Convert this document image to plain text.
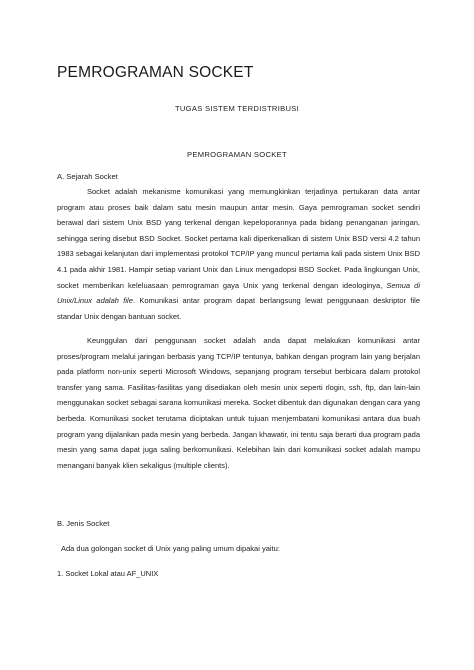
PEMROGRAMAN SOCKET
TUGAS SISTEM TERDISTRIBUSI
PEMROGRAMAN SOCKET
A. Sejarah Socket

Socket adalah mekanisme komunikasi yang memungkinkan terjadinya pertukaran data antar program atau proses baik dalam satu mesin maupun antar mesin. Gaya pemrograman socket sendiri berawal dari sistem Unix BSD yang terkenal dengan kepeloporannya pada bidang penanganan jaringan, sehingga sering disebut BSD Socket. Socket pertama kali diperkenalkan di sistem Unix BSD versi 4.2 tahun 1983 sebagai kelanjutan dari implementasi protokol TCP/IP yang muncul pertama kali pada sistem Unix BSD 4.1 pada akhir 1981. Hampir setiap variant Unix dan Linux mengadopsi BSD Socket. Pada lingkungan Unix, socket memberikan keleluasaan pemrograman gaya Unix yang terkenal dengan ideologinya, Semua di Unix/Linux adalah file. Komunikasi antar program dapat berlangsung lewat penggunaan deskriptor file standar Unix dengan bantuan socket.

Keunggulan dari penggunaan socket adalah anda dapat melakukan komunikasi antar proses/program melalui jaringan berbasis yang TCP/IP tentunya, bahkan dengan program lain yang berjalan pada platform non-unix seperti Microsoft Windows, sepanjang program tersebut berbicara dalam protokol transfer yang sama. Fasilitas-fasilitas yang disediakan oleh mesin unix seperti rlogin, ssh, ftp, dan lain-lain menggunakan socket sebagai sarana komunikasi mereka. Socket dibentuk dan digunakan dengan cara yang berbeda. Komunikasi socket terutama diciptakan untuk tujuan menjembatani komunikasi antara dua buah program yang dijalankan pada mesin yang berbeda. Jangan khawatir, ini tentu saja berarti dua program pada mesin yang sama dapat juga saling berkomunikasi. Kelebihan lain dari komunikasi socket adalah mampu menangani banyak klien sekaligus (multiple clients).

B. Jenis Socket
Ada dua golongan socket di Unix yang paling umum dipakai yaitu:
1. Socket Lokal atau AF_UNIX
